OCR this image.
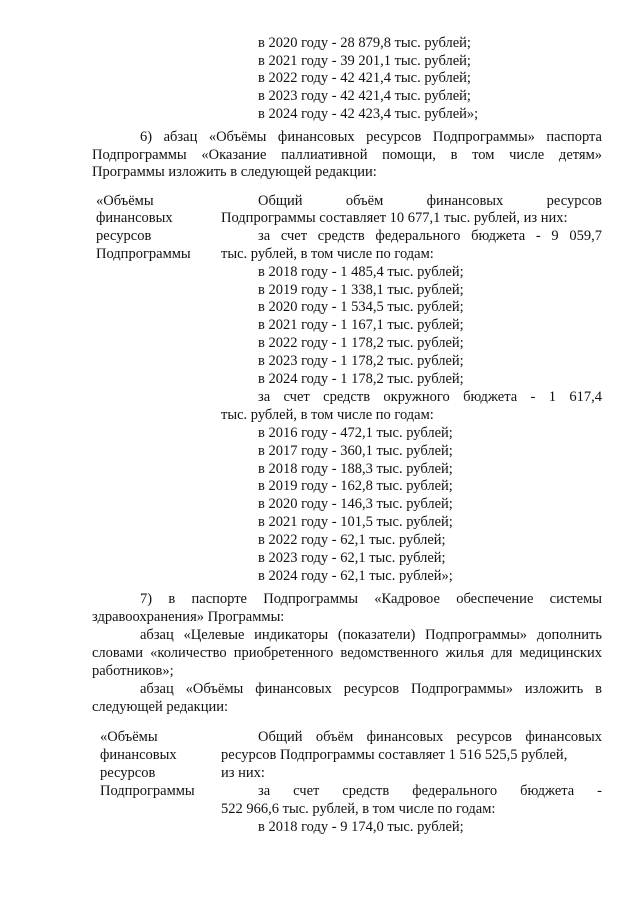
в 2020 году - 28 879,8 тыс. рублей;
в 2021 году - 39 201,1 тыс. рублей;
в 2022 году - 42 421,4 тыс. рублей;
в 2023 году - 42 421,4 тыс. рублей;
в 2024 году - 42 423,4 тыс. рублей»;
6) абзац «Объёмы финансовых ресурсов Подпрограммы» паспорта
Подпрограммы «Оказание паллиативной помощи, в том числе детям»
Программы изложить в следующей редакции:
«Объёмы
финансовых
ресурсов
Подпрограммы
Общий объём финансовых ресурсов
Подпрограммы составляет 10 677,1 тыс. рублей, из них:
за счет средств федерального бюджета - 9 059,7
тыс. рублей, в том числе по годам:
в 2018 году - 1 485,4 тыс. рублей;
в 2019 году - 1 338,1 тыс. рублей;
в 2020 году - 1 534,5 тыс. рублей;
в 2021 году - 1 167,1 тыс. рублей;
в 2022 году - 1 178,2 тыс. рублей;
в 2023 году - 1 178,2 тыс. рублей;
в 2024 году - 1 178,2 тыс. рублей;
за счет средств окружного бюджета - 1 617,4
тыс. рублей, в том числе по годам:
в 2016 году - 472,1 тыс. рублей;
в 2017 году - 360,1 тыс. рублей;
в 2018 году - 188,3 тыс. рублей;
в 2019 году - 162,8 тыс. рублей;
в 2020 году - 146,3 тыс. рублей;
в 2021 году - 101,5 тыс. рублей;
в 2022 году - 62,1 тыс. рублей;
в 2023 году - 62,1 тыс. рублей;
в 2024 году - 62,1 тыс. рублей»;
7) в паспорте Подпрограммы «Кадровое обеспечение системы
здравоохранения» Программы:
абзац «Целевые индикаторы (показатели) Подпрограммы» дополнить
словами «количество приобретенного ведомственного жилья для медицинских
работников»;
абзац «Объёмы финансовых ресурсов Подпрограммы» изложить в
следующей редакции:
«Объёмы
финансовых
ресурсов
Подпрограммы
Общий объём финансовых ресурсов финансовых
ресурсов Подпрограммы составляет 1 516 525,5 рублей,
из них:
за счет средств федерального бюджета -
522 966,6 тыс. рублей, в том числе по годам:
в 2018 году - 9 174,0 тыс. рублей;
